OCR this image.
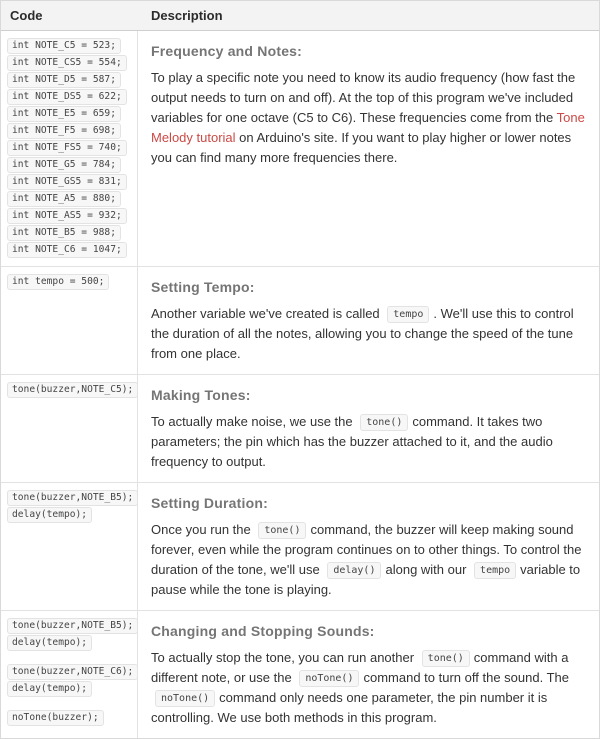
Code	Description
int NOTE_C5 = 523;
int NOTE_CS5 = 554;
int NOTE_D5 = 587;
int NOTE_DS5 = 622;
int NOTE_E5 = 659;
int NOTE_F5 = 698;
int NOTE_FS5 = 740;
int NOTE_G5 = 784;
int NOTE_GS5 = 831;
int NOTE_A5 = 880;
int NOTE_AS5 = 932;
int NOTE_B5 = 988;
int NOTE_C6 = 1047;
Frequency and Notes:

To play a specific note you need to know its audio frequency (how fast the output needs to turn on and off). At the top of this program we've included variables for one octave (C5 to C6). These frequencies come from the Tone Melody tutorial on Arduino's site. If you want to play higher or lower notes you can find many more frequencies there.

int tempo = 500;	Setting Tempo:

Another variable we've created is called tempo . We'll use this to control the duration of all the notes, allowing you to change the speed of the tune from one place.

tone(buzzer,NOTE_C5); Making Tones:

To actually make noise, we use the tone() command. It takes two parameters; the pin which has the buzzer attached to it, and the audio frequency to output.

tone(buzzer,NOTE_B5);
delay(tempo);
Setting Duration:

Once you run the tone() command, the buzzer will keep making sound forever, even while the program continues on to other things. To control the duration of the tone, we'll use delay() along with our tempo variable to pause while the tone is playing.

tone(buzzer,NOTE_B5);
delay(tempo);
tone(buzzer,NOTE_C6);
delay(tempo);
noTone(buzzer);
Changing and Stopping Sounds:

To actually stop the tone, you can run another tone() command with a different note, or use the noTone() command to turn off the sound. The noTone() command only needs one parameter, the pin number it is controlling. We use both methods in this program.
